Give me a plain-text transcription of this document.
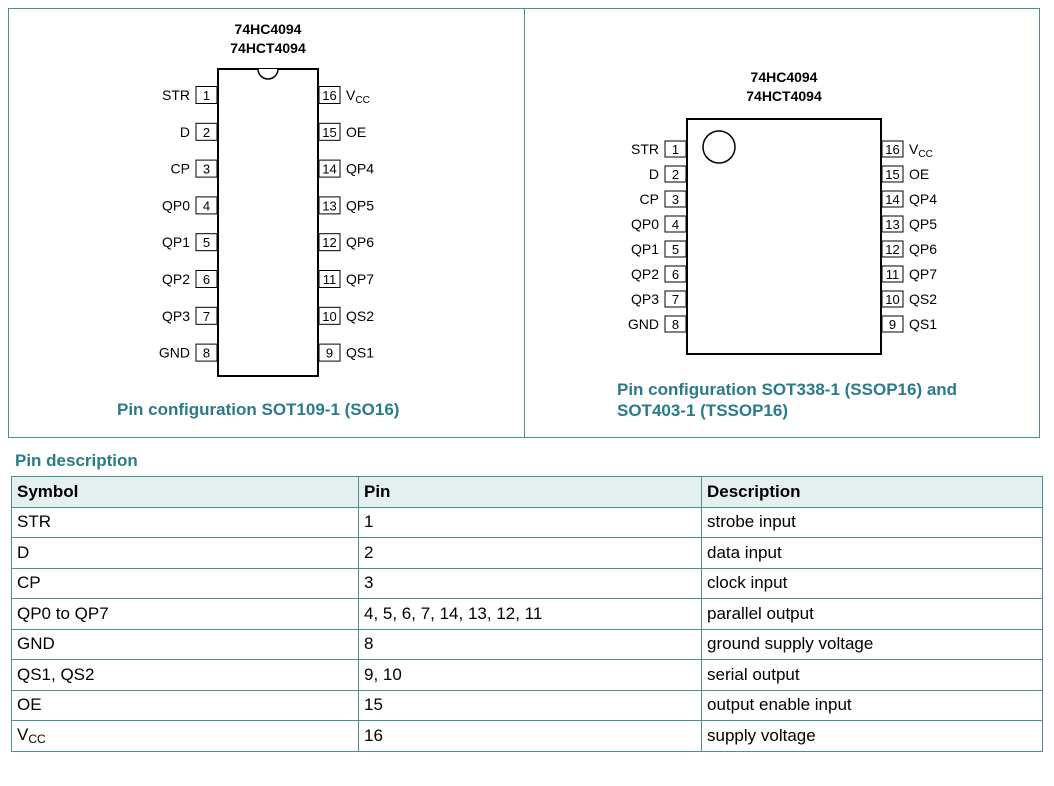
74HC4094
74HCT4094
1
STR
2
D
3
CP
4
QP0
5
QP1
6
QP2
7
QP3
8
GND
16 $V_{CC}$
15 OE
14 QP4
13 QP5
12 QP6
11 QP7
10 QS2
9 QS1
74HC4094
74HCT4094
1
STR
2
D
3
CP
4
QP0
5
QP1
6
QP2
7
QP3
8
GND
16 $V_{CC}$
15 OE
14 QP4
13 QP5
12 QP6
11 QP7
10 QS2
9 QS1
Pin configuration SOT109-1 (SO16)
Pin configuration SOT338-1 (SSOP16) and SOT403-1 (TSSOP16)
Pin description
Symbol	Pin	Description
STR	1	strobe input
D	2	data input
CP	3	clock input
QP0 to QP7	4, 5, 6, 7, 14, 13, 12, 11	parallel output
GND	8	ground supply voltage
QS1, QS2	9, 10	serial output
OE	15	output enable input
$V_{CC}$	16	supply voltage
